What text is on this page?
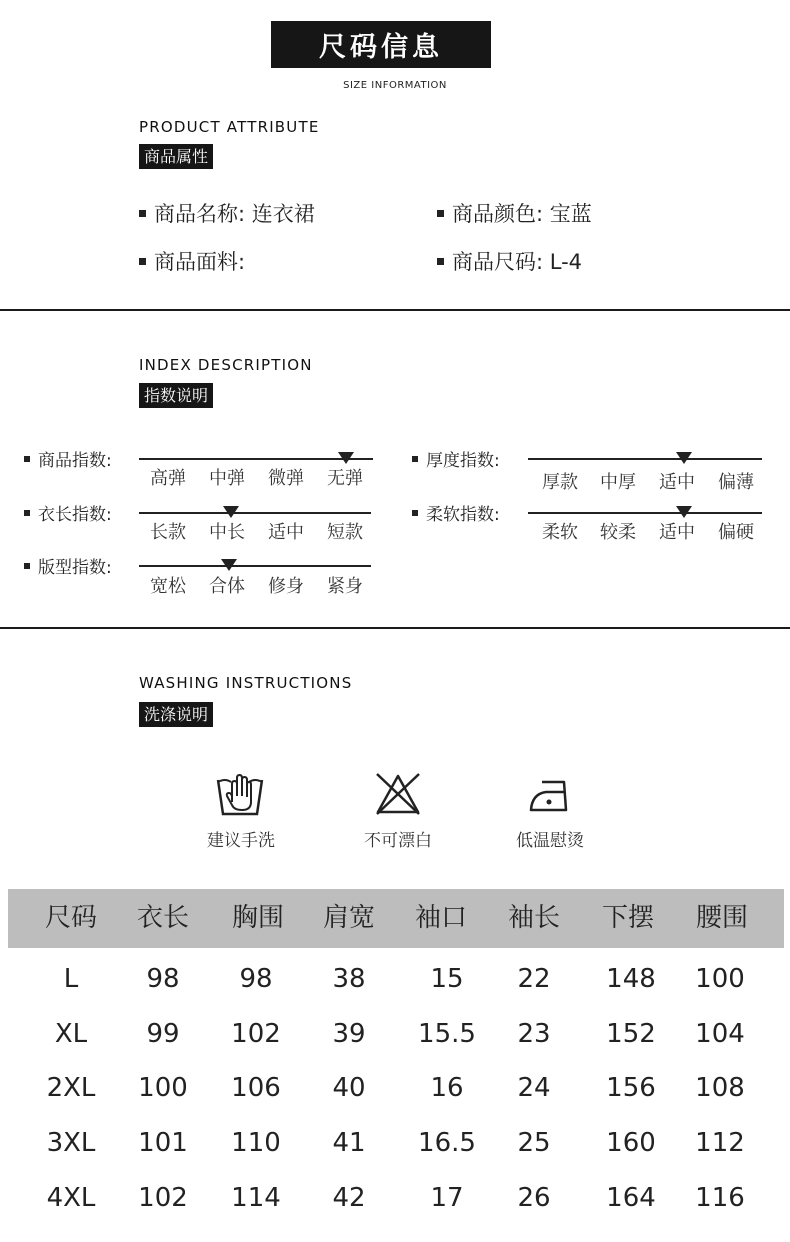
尺码信息
SIZE INFORMATION
PRODUCT ATTRIBUTE
商品属性
商品名称: 连衣裙	商品颜色: 宝蓝
商品面料:	商品尺码: L-4
INDEX DESCRIPTION
指数说明
商品指数:
高弹 中弹 微弹 无弹
厚度指数:
厚款 中厚 适中 偏薄
衣长指数:
长款 中长 适中 短款
柔软指数:
柔软 较柔 适中 偏硬
版型指数:
宽松 合体 修身 紧身
WASHING INSTRUCTIONS
洗涤说明
建议手洗	不可漂白	低温慰烫
尺码	衣长	胸围	肩宽	袖口	袖长	下摆	腰围
L	98	98	38	15	22	148	100
XL	99	102	39	15.5	23	152	104
2XL	100	106	40	16	24	156	108
3XL	101	110	41	16.5	25	160	112
4XL	102	114	42	17	26	164	116
